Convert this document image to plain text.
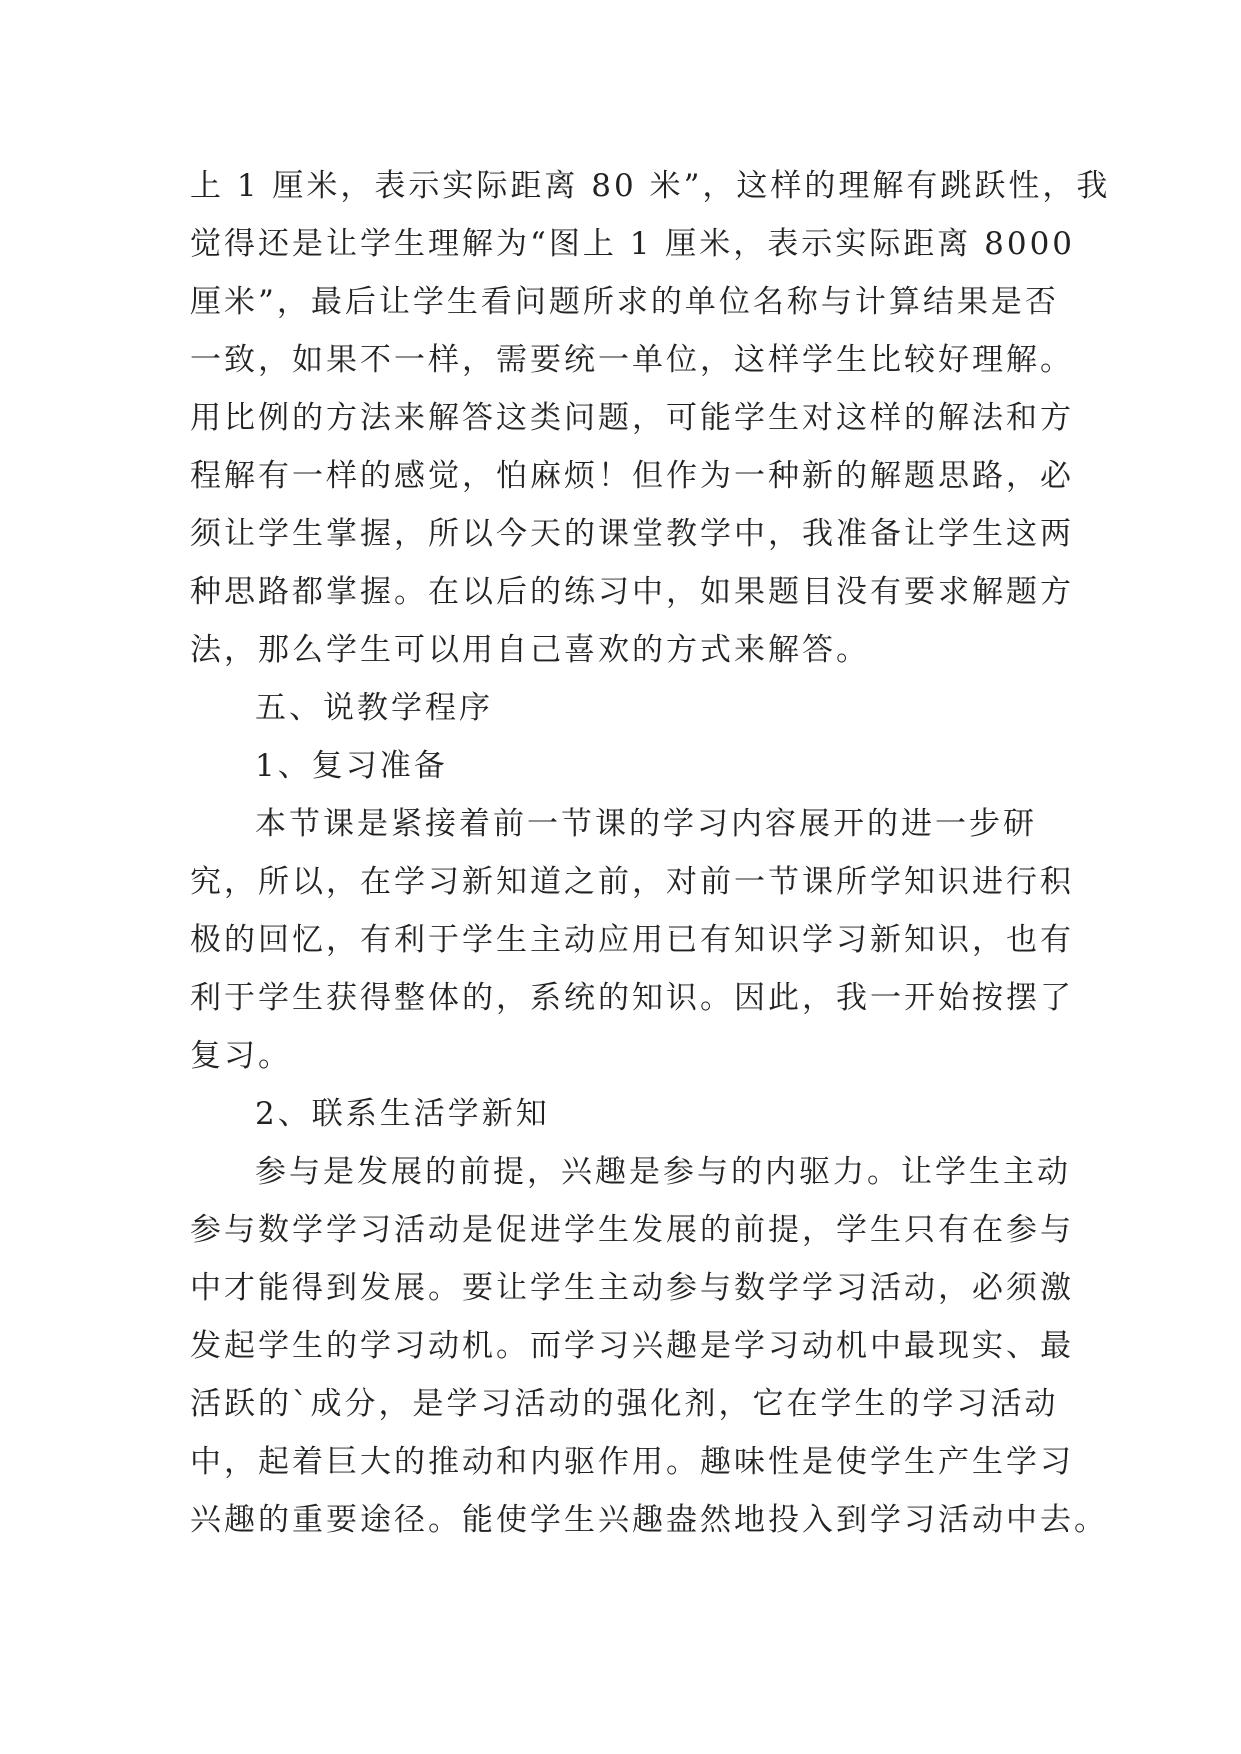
上 1 厘米，表示实际距离 80 米”，这样的理解有跳跃性，我
觉得还是让学生理解为“图上 1 厘米，表示实际距离 8000
厘米”，最后让学生看问题所求的单位名称与计算结果是否
一致，如果不一样，需要统一单位，这样学生比较好理解。
用比例的方法来解答这类问题，可能学生对这样的解法和方
程解有一样的感觉，怕麻烦！但作为一种新的解题思路，必
须让学生掌握，所以今天的课堂教学中，我准备让学生这两
种思路都掌握。在以后的练习中，如果题目没有要求解题方
法，那么学生可以用自己喜欢的方式来解答。
五、说教学程序
1、复习准备
本节课是紧接着前一节课的学习内容展开的进一步研
究，所以，在学习新知道之前，对前一节课所学知识进行积
极的回忆，有利于学生主动应用已有知识学习新知识，也有
利于学生获得整体的，系统的知识。因此，我一开始按摆了
复习。
2、联系生活学新知
参与是发展的前提，兴趣是参与的内驱力。让学生主动
参与数学学习活动是促进学生发展的前提，学生只有在参与
中才能得到发展。要让学生主动参与数学学习活动，必须激
发起学生的学习动机。而学习兴趣是学习动机中最现实、最
活跃的`成分，是学习活动的强化剂，它在学生的学习活动
中，起着巨大的推动和内驱作用。趣味性是使学生产生学习
兴趣的重要途径。能使学生兴趣盎然地投入到学习活动中去。
